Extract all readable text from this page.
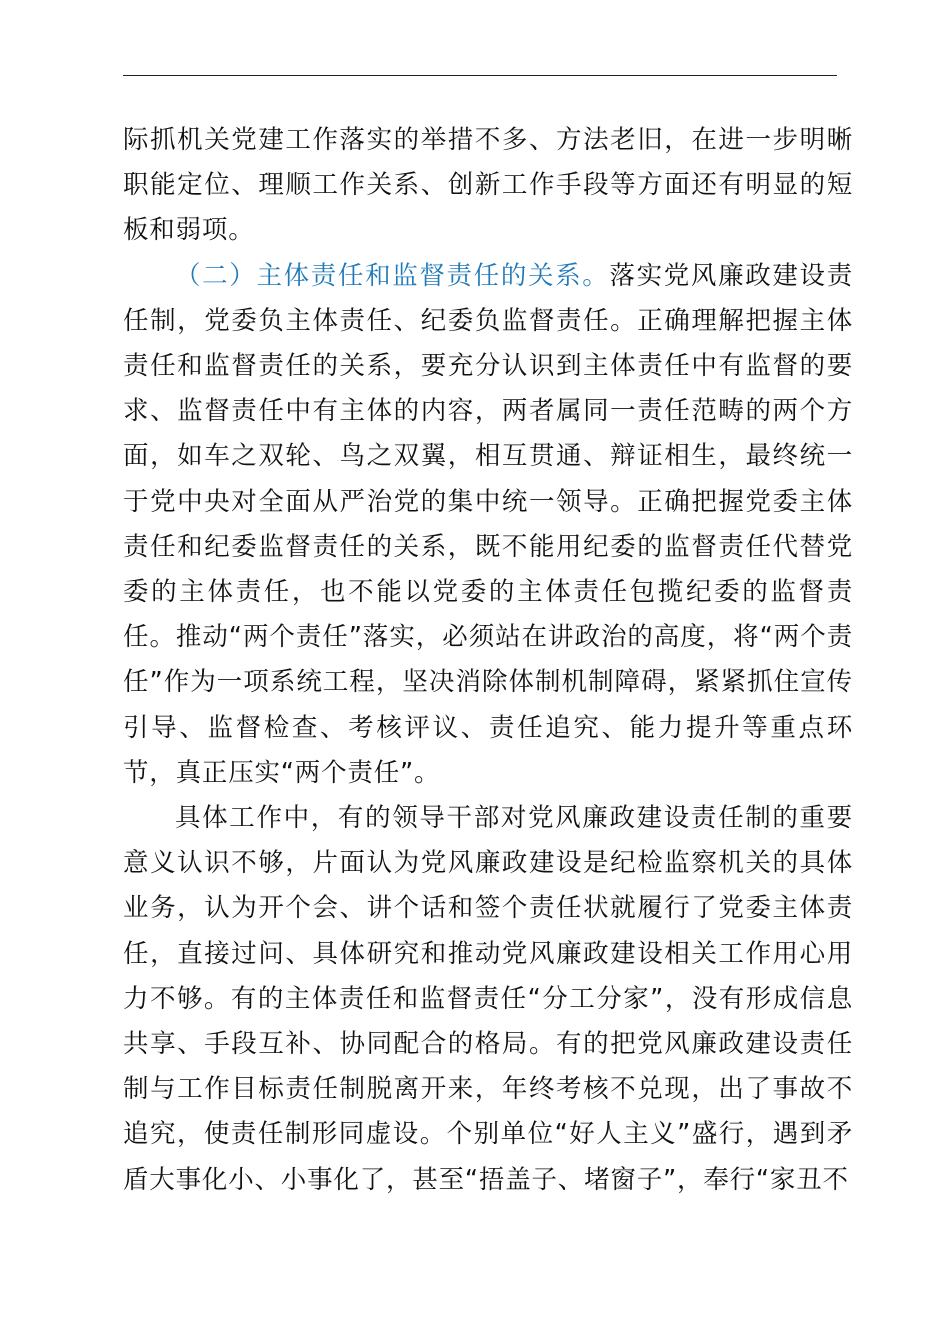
际抓机关党建工作落实的举措不多、方法老旧，在进一步明晰职能定位、理顺工作关系、创新工作手段等方面还有明显的短板和弱项。

（二）主体责任和监督责任的关系。落实党风廉政建设责任制，党委负主体责任、纪委负监督责任。正确理解把握主体责任和监督责任的关系，要充分认识到主体责任中有监督的要求、监督责任中有主体的内容，两者属同一责任范畴的两个方面，如车之双轮、鸟之双翼，相互贯通、辩证相生，最终统一于党中央对全面从严治党的集中统一领导。正确把握党委主体责任和纪委监督责任的关系，既不能用纪委的监督责任代替党委的主体责任，也不能以党委的主体责任包揽纪委的监督责任。推动“两个责任”落实，必须站在讲政治的高度，将“两个责任”作为一项系统工程，坚决消除体制机制障碍，紧紧抓住宣传引导、监督检查、考核评议、责任追究、能力提升等重点环节，真正压实“两个责任”。

具体工作中，有的领导干部对党风廉政建设责任制的重要意义认识不够，片面认为党风廉政建设是纪检监察机关的具体业务，认为开个会、讲个话和签个责任状就履行了党委主体责任，直接过问、具体研究和推动党风廉政建设相关工作用心用力不够。有的主体责任和监督责任“分工分家”，没有形成信息共享、手段互补、协同配合的格局。有的把党风廉政建设责任制与工作目标责任制脱离开来，年终考核不兑现，出了事故不追究，使责任制形同虚设。个别单位“好人主义”盛行，遇到矛盾大事化小、小事化了，甚至“捂盖子、堵窗子”，奉行“家丑不
